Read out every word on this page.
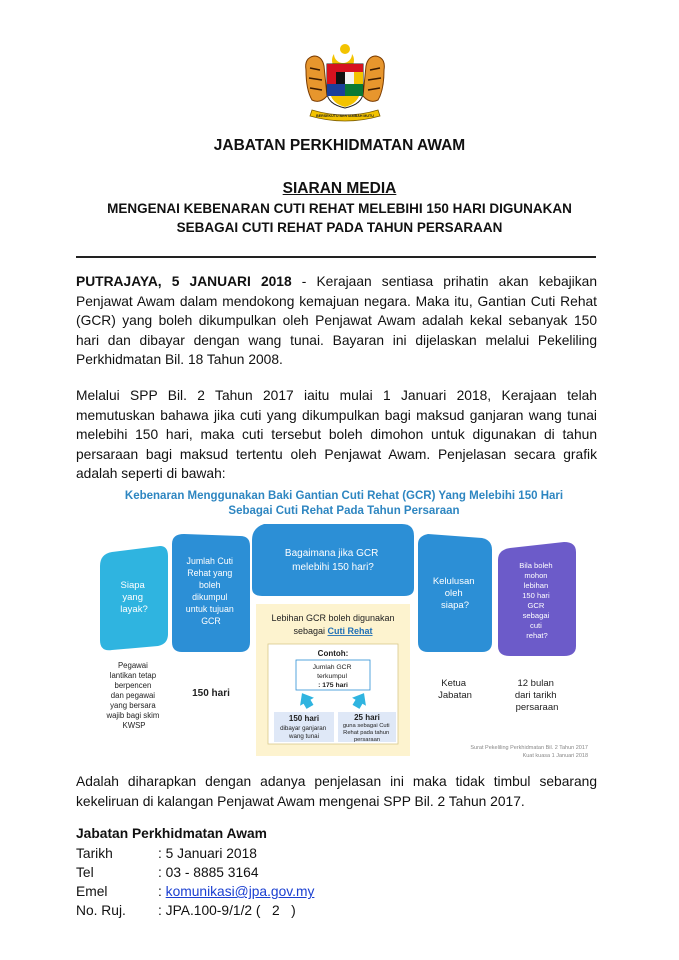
BERSEKUTU BERTAMBAH MUTU
JABATAN PERKHIDMATAN AWAM
SIARAN MEDIA
MENGENAI KEBENARAN CUTI REHAT MELEBIHI 150 HARI DIGUNAKAN
SEBAGAI CUTI REHAT PADA TAHUN PERSARAAN
PUTRAJAYA, 5 JANUARI 2018 - Kerajaan sentiasa prihatin akan kebajikan Penjawat Awam dalam mendokong kemajuan negara. Maka itu, Gantian Cuti Rehat (GCR) yang boleh dikumpulkan oleh Penjawat Awam adalah kekal sebanyak 150 hari dan dibayar dengan wang tunai. Bayaran ini dijelaskan melalui Pekeliling Perkhidmatan Bil. 18 Tahun 2008.
Melalui SPP Bil. 2 Tahun 2017 iaitu mulai 1 Januari 2018, Kerajaan telah memutuskan bahawa jika cuti yang dikumpulkan bagi maksud ganjaran wang tunai melebihi 150 hari, maka cuti tersebut boleh dimohon untuk digunakan di tahun persaraan bagi maksud tertentu oleh Penjawat Awam. Penjelasan secara grafik adalah seperti di bawah:
Kebenaran Menggunakan Baki Gantian Cuti Rehat (GCR) Yang Melebihi 150 Hari
Sebagai Cuti Rehat Pada Tahun Persaraan
Siapa yang layak?
Jumlah Cuti Rehat yang boleh dikumpul untuk tujuan GCR
Bagaimana jika GCR melebihi 150 hari?
Kelulusan oleh siapa?
Bila boleh mohon lebihan 150 hari GCR sebagai cuti rehat?
Pegawai lantikan tetap berpencen dan pegawai yang bersara wajib bagi skim KWSP
150 hari
Ketua Jabatan
12 bulan dari tarikh persaraan
Lebihan GCR boleh digunakan
sebagai Cuti Rehat
Contoh:
Jumlah GCR terkumpul : 175 hari
150 hari
dibayar ganjaran wang tunai
25 hari
guna sebagai Cuti Rehat pada tahun persaraan
Surat Pekeliling Perkhidmatan Bil. 2 Tahun 2017
Kuat kuasa 1 Januari 2018
Adalah diharapkan dengan adanya penjelasan ini maka tidak timbul sebarang kekeliruan di kalangan Penjawat Awam mengenai SPP Bil. 2 Tahun 2017.
Jabatan Perkhidmatan Awam
Tarikh	: 5 Januari 2018
Tel	: 03 - 8885 3164
Emel	: komunikasi@jpa.gov.my
No. Ruj.	: JPA.100-9/1/2 (   2   )
